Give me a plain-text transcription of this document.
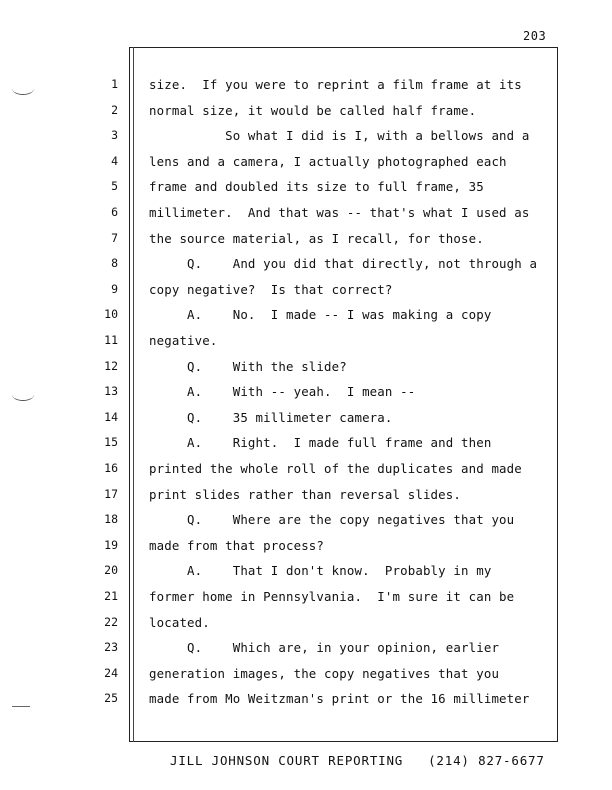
203
1	size.  If you were to reprint a film frame at its
2	normal size, it would be called half frame.
3	So what I did is I, with a bellows and a
4	lens and a camera, I actually photographed each
5	frame and doubled its size to full frame, 35
6	millimeter.  And that was -- that's what I used as
7	the source material, as I recall, for those.
8	Q.    And you did that directly, not through a
9	copy negative?  Is that correct?
10	A.    No.  I made -- I was making a copy
11	negative.
12	Q.    With the slide?
13	A.    With -- yeah.  I mean --
14	Q.    35 millimeter camera.
15	A.    Right.  I made full frame and then
16	printed the whole roll of the duplicates and made
17	print slides rather than reversal slides.
18	Q.    Where are the copy negatives that you
19	made from that process?
20	A.    That I don't know.  Probably in my
21	former home in Pennsylvania.  I'm sure it can be
22	located.
23	Q.    Which are, in your opinion, earlier
24	generation images, the copy negatives that you
25	made from Mo Weitzman's print or the 16 millimeter
JILL JOHNSON COURT REPORTING (214) 827-6677
